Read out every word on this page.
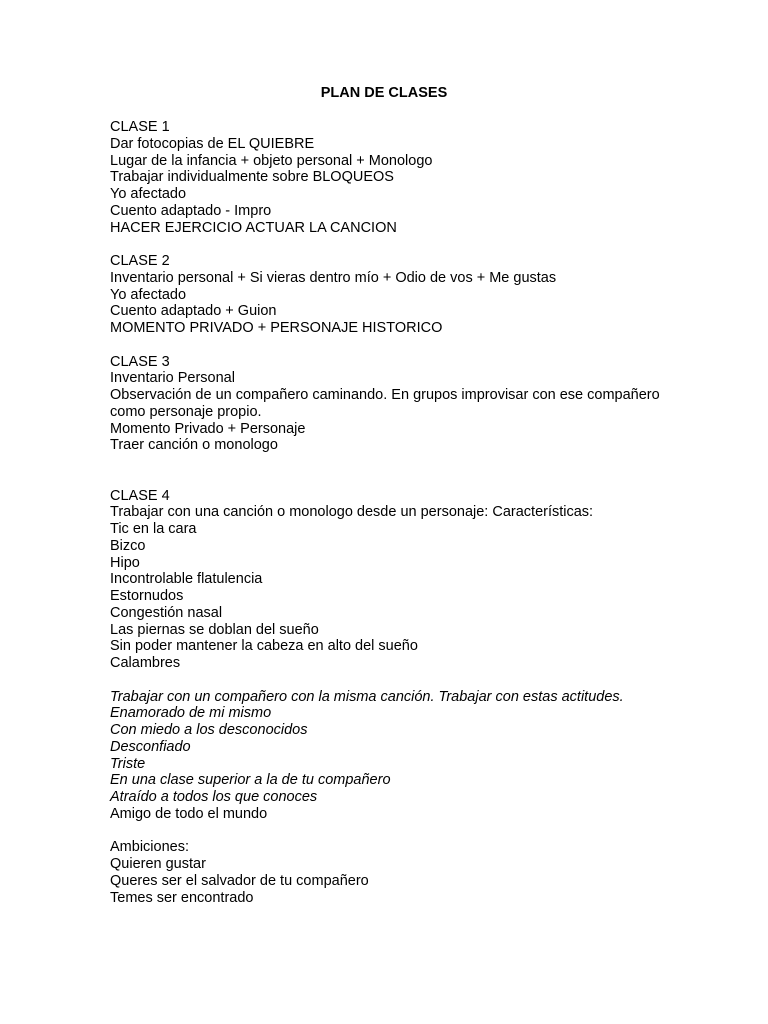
PLAN DE CLASES
CLASE 1
Dar fotocopias de EL QUIEBRE
Lugar de la infancia + objeto personal + Monologo
Trabajar individualmente sobre BLOQUEOS
Yo afectado
Cuento adaptado - Impro
HACER EJERCICIO ACTUAR LA CANCION
CLASE 2
Inventario personal + Si vieras dentro mío + Odio de vos + Me gustas
Yo afectado
Cuento adaptado + Guion
MOMENTO PRIVADO + PERSONAJE HISTORICO
CLASE 3
Inventario Personal
Observación de un compañero caminando. En grupos improvisar con ese compañero como personaje propio.
Momento Privado + Personaje
Traer canción o monologo
CLASE 4
Trabajar con una canción o monologo desde un personaje: Características:
Tic en la cara
Bizco
Hipo
Incontrolable flatulencia
Estornudos
Congestión nasal
Las piernas se doblan del sueño
Sin poder mantener la cabeza en alto del sueño
Calambres
Trabajar con un compañero con la misma canción. Trabajar con estas actitudes.
Enamorado de mi mismo
Con miedo a los desconocidos
Desconfiado
Triste
En una clase superior a la de tu compañero
Atraído a todos los que conoces
Amigo de todo el mundo
Ambiciones:
Quieren gustar
Queres ser el salvador de tu compañero
Temes ser encontrado
